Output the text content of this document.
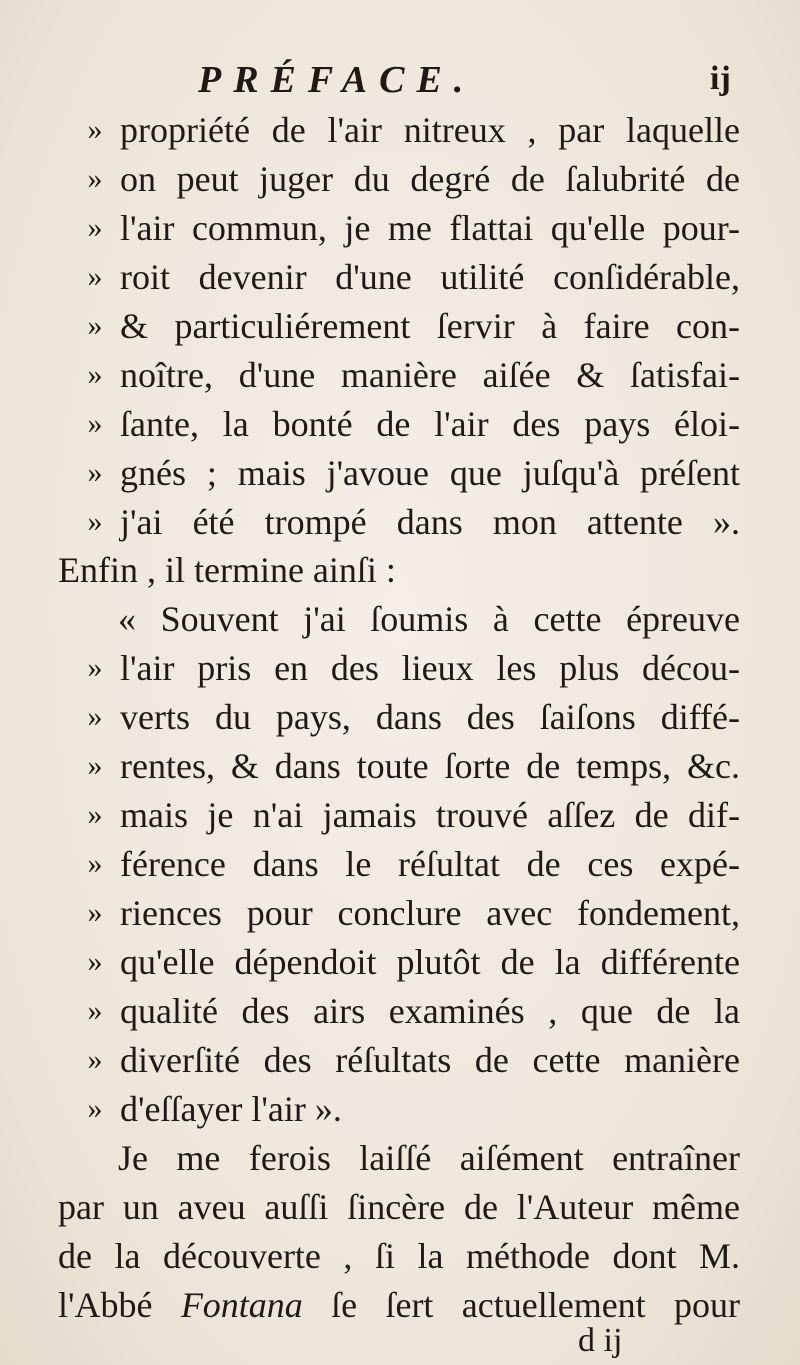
PRÉFACE.	ij
» propriété de l'air nitreux , par laquelle
» on peut juger du degré de ſalubrité de
» l'air commun, je me flattai qu'elle pour-
» roit devenir d'une utilité conſidérable,
» & particuliérement ſervir à faire con-
» noître, d'une manière aiſée & ſatisfai-
» ſante, la bonté de l'air des pays éloi-
» gnés ; mais j'avoue que juſqu'à préſent
» j'ai été trompé dans mon attente ».
Enfin , il termine ainſi :
« Souvent j'ai ſoumis à cette épreuve
» l'air pris en des lieux les plus décou-
» verts du pays, dans des ſaiſons diffé-
» rentes, & dans toute ſorte de temps, &c.
» mais je n'ai jamais trouvé aſſez de dif-
» férence dans le réſultat de ces expé-
» riences pour conclure avec fondement,
» qu'elle dépendoit plutôt de la différente
» qualité des airs examinés , que de la
» diverſité des réſultats de cette manière
» d'eſſayer l'air ».
Je me ferois laiſſé aiſément entraîner
par un aveu auſſi ſincère de l'Auteur même
de la découverte , ſi la méthode dont M.
l'Abbé Fontana ſe ſert actuellement pour
d ij
